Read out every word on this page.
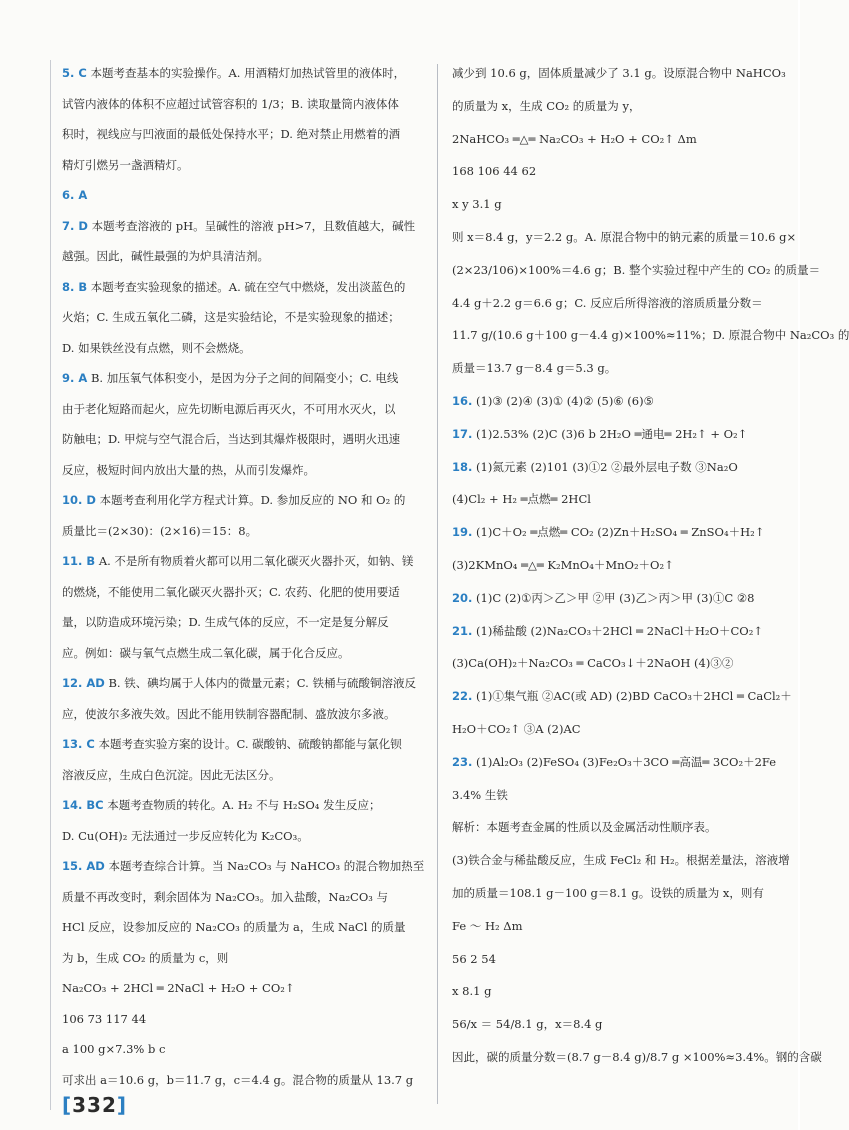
5. C 本题考查基本的实验操作。A. 用酒精灯加热试管里的液体时，
试管内液体的体积不应超过试管容积的 1/3；B. 读取量筒内液体体
积时，视线应与凹液面的最低处保持水平；D. 绝对禁止用燃着的酒
精灯引燃另一盏酒精灯。
6. A
7. D 本题考查溶液的 pH。呈碱性的溶液 pH>7，且数值越大，碱性
越强。因此，碱性最强的为炉具清洁剂。
8. B 本题考查实验现象的描述。A. 硫在空气中燃烧，发出淡蓝色的
火焰；C. 生成五氧化二磷，这是实验结论，不是实验现象的描述；
D. 如果铁丝没有点燃，则不会燃烧。
9. A B. 加压氧气体积变小，是因为分子之间的间隔变小；C. 电线
由于老化短路而起火，应先切断电源后再灭火，不可用水灭火，以
防触电；D. 甲烷与空气混合后，当达到其爆炸极限时，遇明火迅速
反应，极短时间内放出大量的热，从而引发爆炸。
10. D 本题考查利用化学方程式计算。D. 参加反应的 NO 和 O₂ 的
质量比＝(2×30)：(2×16)＝15：8。
11. B A. 不是所有物质着火都可以用二氧化碳灭火器扑灭，如钠、镁
的燃烧，不能使用二氧化碳灭火器扑灭；C. 农药、化肥的使用要适
量，以防造成环境污染；D. 生成气体的反应，不一定是复分解反
应。例如：碳与氧气点燃生成二氧化碳，属于化合反应。
12. AD B. 铁、碘均属于人体内的微量元素；C. 铁桶与硫酸铜溶液反
应，使波尔多液失效。因此不能用铁制容器配制、盛放波尔多液。
13. C 本题考查实验方案的设计。C. 碳酸钠、硫酸钠都能与氯化钡
溶液反应，生成白色沉淀。因此无法区分。
14. BC 本题考查物质的转化。A. H₂ 不与 H₂SO₄ 发生反应；
D. Cu(OH)₂ 无法通过一步反应转化为 K₂CO₃。
15. AD 本题考查综合计算。当 Na₂CO₃ 与 NaHCO₃ 的混合物加热至
质量不再改变时，剩余固体为 Na₂CO₃。加入盐酸，Na₂CO₃ 与
HCl 反应，设参加反应的 Na₂CO₃ 的质量为 a，生成 NaCl 的质量
为 b，生成 CO₂ 的质量为 c，则
Na₂CO₃ + 2HCl ═ 2NaCl + H₂O + CO₂↑
106 73 117 44
a 100 g×7.3% b c
可求出 a＝10.6 g，b＝11.7 g，c＝4.4 g。混合物的质量从 13.7 g
减少到 10.6 g，固体质量减少了 3.1 g。设原混合物中 NaHCO₃
的质量为 x，生成 CO₂ 的质量为 y，
2NaHCO₃ ═△═ Na₂CO₃ + H₂O + CO₂↑ Δm
168 106 44 62
x y 3.1 g
则 x＝8.4 g，y＝2.2 g。A. 原混合物中的钠元素的质量＝10.6 g×
(2×23/106)×100%＝4.6 g；B. 整个实验过程中产生的 CO₂ 的质量＝
4.4 g＋2.2 g＝6.6 g；C. 反应后所得溶液的溶质质量分数＝
11.7 g/(10.6 g＋100 g－4.4 g)×100%≈11%；D. 原混合物中 Na₂CO₃ 的
质量＝13.7 g－8.4 g＝5.3 g。
16. (1)③ (2)④ (3)① (4)② (5)⑥ (6)⑤
17. (1)2.53% (2)C (3)6 b 2H₂O ═通电═ 2H₂↑ + O₂↑
18. (1)氮元素 (2)101 (3)①2 ②最外层电子数 ③Na₂O
(4)Cl₂ + H₂ ═点燃═ 2HCl
19. (1)C＋O₂ ═点燃═ CO₂ (2)Zn＋H₂SO₄ ═ ZnSO₄＋H₂↑
(3)2KMnO₄ ═△═ K₂MnO₄＋MnO₂＋O₂↑
20. (1)C (2)①丙＞乙＞甲 ②甲 (3)乙＞丙＞甲 (3)①C ②8
21. (1)稀盐酸 (2)Na₂CO₃＋2HCl ═ 2NaCl＋H₂O＋CO₂↑
(3)Ca(OH)₂＋Na₂CO₃ ═ CaCO₃↓＋2NaOH (4)③②
22. (1)①集气瓶 ②AC(或 AD) (2)BD CaCO₃＋2HCl ═ CaCl₂＋
H₂O＋CO₂↑ ③A (2)AC
23. (1)Al₂O₃ (2)FeSO₄ (3)Fe₂O₃＋3CO ═高温═ 3CO₂＋2Fe
3.4% 生铁
解析：本题考查金属的性质以及金属活动性顺序表。
(3)铁合金与稀盐酸反应，生成 FeCl₂ 和 H₂。根据差量法，溶液增
加的质量＝108.1 g－100 g＝8.1 g。设铁的质量为 x，则有
Fe ～ H₂ Δm
56 2 54
x 8.1 g
56/x ＝ 54/8.1 g，x＝8.4 g
因此，碳的质量分数＝(8.7 g－8.4 g)/8.7 g ×100%≈3.4%。钢的含碳
[332]
